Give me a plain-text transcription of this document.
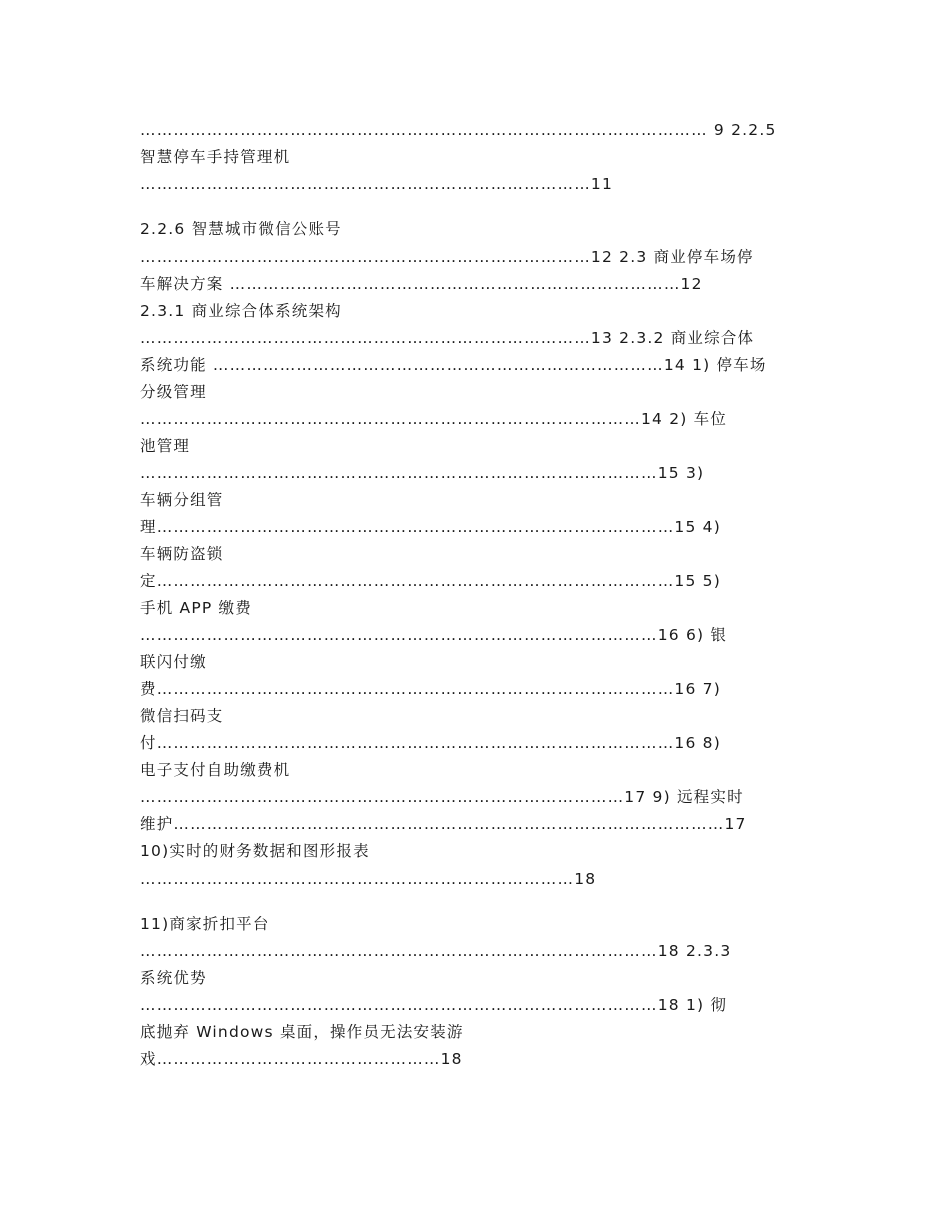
………………………………………………………………………………………… 9 2.2.5
智慧停车手持管理机
………………………………………………………………………11
2.2.6 智慧城市微信公账号
………………………………………………………………………12 2.3 商业停车场停
车解决方案 ………………………………………………………………………12
2.3.1 商业综合体系统架构
………………………………………………………………………13 2.3.2 商业综合体
系统功能 ………………………………………………………………………14 1) 停车场
分级管理
………………………………………………………………………………14 2) 车位
池管理
…………………………………………………………………………………15 3)
车辆分组管
理…………………………………………………………………………………15 4)
车辆防盗锁
定…………………………………………………………………………………15 5)
手机 APP 缴费
…………………………………………………………………………………16 6) 银
联闪付缴
费…………………………………………………………………………………16 7)
微信扫码支
付…………………………………………………………………………………16 8)
电子支付自助缴费机
……………………………………………………………………………17 9) 远程实时
维护………………………………………………………………………………………17
10)实时的财务数据和图形报表
……………………………………………………………………18
11)商家折扣平台
…………………………………………………………………………………18 2.3.3
系统优势
…………………………………………………………………………………18 1) 彻
底抛弃 Windows 桌面，操作员无法安装游
戏……………………………………………18
